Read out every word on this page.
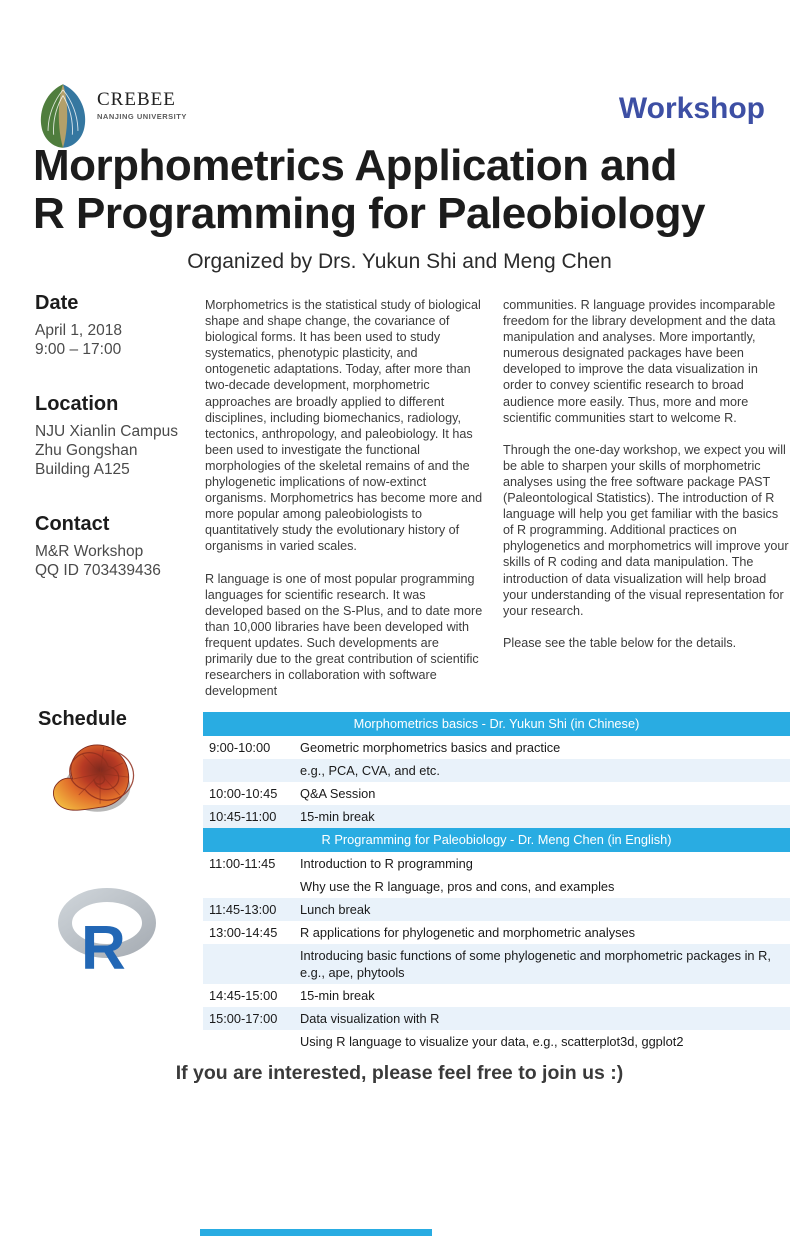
CREBEE
NANJING UNIVERSITY	Workshop
Morphometrics Application and
R Programming for Paleobiology
Organized by Drs. Yukun Shi and Meng Chen
Date
April 1, 2018
9:00 – 17:00
Location
NJU Xianlin Campus
Zhu Gongshan
Building A125
Contact
M&R Workshop
QQ ID 703439436
Schedule

Morphometrics is the statistical study of biological shape and shape change, the covariance of biological forms. It has been used to study systematics, phenotypic plasticity, and ontogenetic adaptations. Today, after more than two-decade development, morphometric approaches are broadly applied to different disciplines, including biomechanics, radiology, tectonics, anthropology, and paleobiology. It has been used to investigate the functional morphologies of the skeletal remains of and the phylogenetic implications of now-extinct organisms. Morphometrics has become more and more popular among paleobiologists to quantitatively study the evolutionary history of organisms in varied scales.

R language is one of most popular programming languages for scientific research. It was developed based on the S-Plus, and to date more than 10,000 libraries have been developed with frequent updates. Such developments are primarily due to the great contribution of scientific researchers in collaboration with software development

communities. R language provides incomparable freedom for the library development and the data manipulation and analyses. More importantly, numerous designated packages have been developed to improve the data visualization in order to convey scientific research to broad audience more easily. Thus, more and more scientific communities start to welcome R.

Through the one-day workshop, we expect you will be able to sharpen your skills of morphometric analyses using the free software package PAST (Paleontological Statistics). The introduction of R language will help you get familiar with the basics of R programming. Additional practices on phylogenetics and morphometrics will improve your skills of R coding and data manipulation. The introduction of data visualization will help broad your understanding of the visual representation for your research.

Please see the table below for the details.

R
Morphometrics basics - Dr. Yukun Shi (in Chinese)
9:00-10:00	Geometric morphometrics basics and practice
e.g., PCA, CVA, and etc.
10:00-10:45	Q&A Session
10:45-11:00	15-min break
R Programming for Paleobiology - Dr. Meng Chen (in English)
11:00-11:45	Introduction to R programming
Why use the R language, pros and cons, and examples
11:45-13:00	Lunch break
13:00-14:45	R applications for phylogenetic and morphometric analyses
Introducing basic functions of some phylogenetic and morphometric packages in R, e.g., ape, phytools
14:45-15:00	15-min break
15:00-17:00	Data visualization with R
Using R language to visualize your data, e.g., scatterplot3d, ggplot2
If you are interested, please feel free to join us :)
